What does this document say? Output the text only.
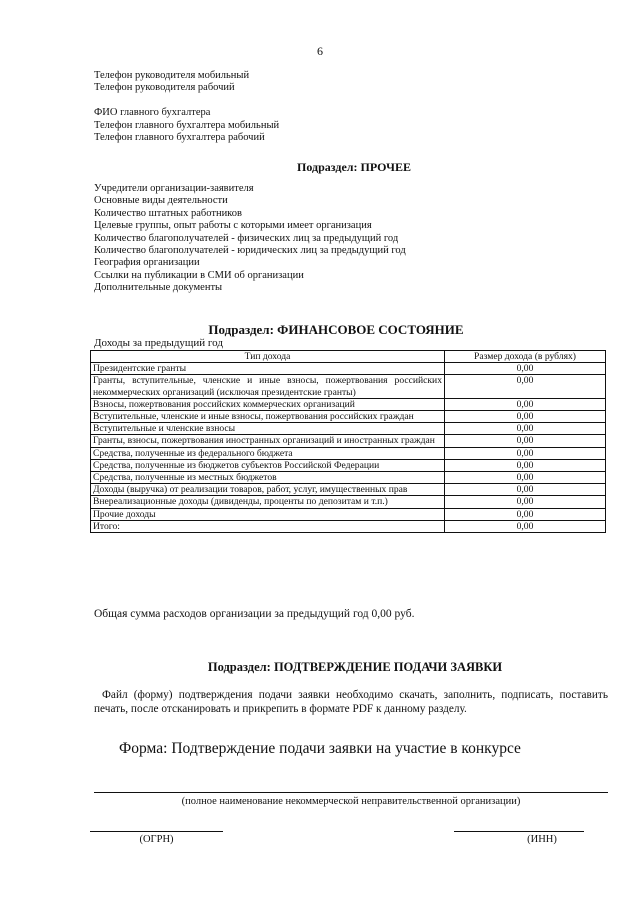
6
Телефон руководителя мобильный
Телефон руководителя рабочий
ФИО главного бухгалтера
Телефон главного бухгалтера мобильный
Телефон главного бухгалтера рабочий
Подраздел: ПРОЧЕЕ
Учредители организации-заявителя
Основные виды деятельности
Количество штатных работников
Целевые группы, опыт работы с которыми имеет организация
Количество благополучателей - физических лиц за предыдущий год
Количество благополучателей - юридических лиц за предыдущий год
География организации
Ссылки на публикации в СМИ об организации
Дополнительные документы
Подраздел: ФИНАНСОВОЕ СОСТОЯНИЕ
Доходы за предыдущий год
Тип дохода	Размер дохода (в рублях)
Президентские гранты	0,00
Гранты, вступительные, членские и иные взносы, пожертвования российских некоммерческих организаций (исключая президентские гранты)	0,00
Взносы, пожертвования российских коммерческих организаций	0,00
Вступительные, членские и иные взносы, пожертвования российских граждан	0,00
Вступительные и членские взносы	0,00
Гранты, взносы, пожертвования иностранных организаций и иностранных граждан	0,00
Средства, полученные из федерального бюджета	0,00
Средства, полученные из бюджетов субъектов Российской Федерации	0,00
Средства, полученные из местных бюджетов	0,00
Доходы (выручка) от реализации товаров, работ, услуг, имущественных прав	0,00
Внереализационные доходы (дивиденды, проценты по депозитам и т.п.)	0,00
Прочие доходы	0,00
Итого:	0,00
Общая сумма расходов организации за предыдущий год 0,00 руб.
Подраздел: ПОДТВЕРЖДЕНИЕ ПОДАЧИ ЗАЯВКИ
Файл (форму) подтверждения подачи заявки необходимо скачать, заполнить, подписать, поставить печать, после отсканировать и прикрепить в формате PDF к данному разделу.
Форма: Подтверждение подачи заявки на участие в конкурсе
(полное наименование некоммерческой неправительственной организации)
(ОГРН)	(ИНН)
